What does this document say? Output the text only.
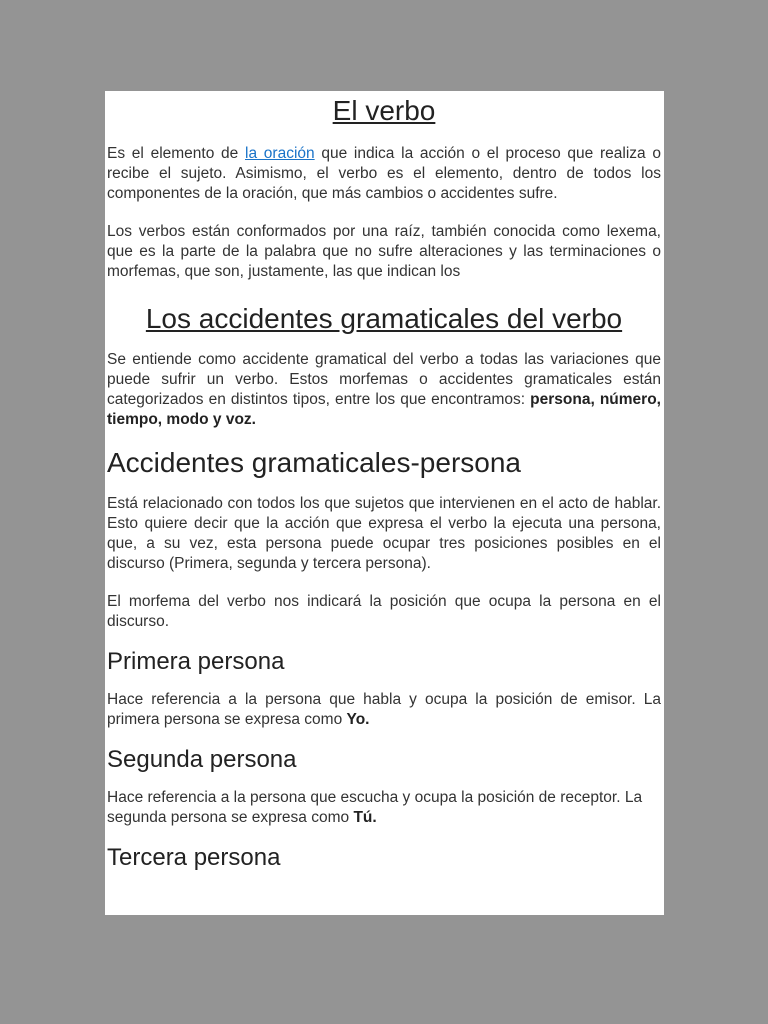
El verbo

Es el elemento de la oración que indica la acción o el proceso que realiza o recibe el sujeto. Asimismo, el verbo es el elemento, dentro de todos los componentes de la oración, que más cambios o accidentes sufre.

Los verbos están conformados por una raíz, también conocida como lexema, que es la parte de la palabra que no sufre alteraciones y las terminaciones o morfemas, que son, justamente, las que indican los

Los accidentes gramaticales del verbo

Se entiende como accidente gramatical del verbo a todas las variaciones que puede sufrir un verbo. Estos morfemas o accidentes gramaticales están categorizados en distintos tipos, entre los que encontramos: persona, número, tiempo, modo y voz.

Accidentes gramaticales-persona

Está relacionado con todos los que sujetos que intervienen en el acto de hablar. Esto quiere decir que la acción que expresa el verbo la ejecuta una persona, que, a su vez, esta persona puede ocupar tres posiciones posibles en el discurso (Primera, segunda y tercera persona).

El morfema del verbo nos indicará la posición que ocupa la persona en el discurso.

Primera persona

Hace referencia a la persona que habla y ocupa la posición de emisor. La primera persona se expresa como Yo.

Segunda persona

Hace referencia a la persona que escucha y ocupa la posición de receptor. La segunda persona se expresa como Tú.

Tercera persona
